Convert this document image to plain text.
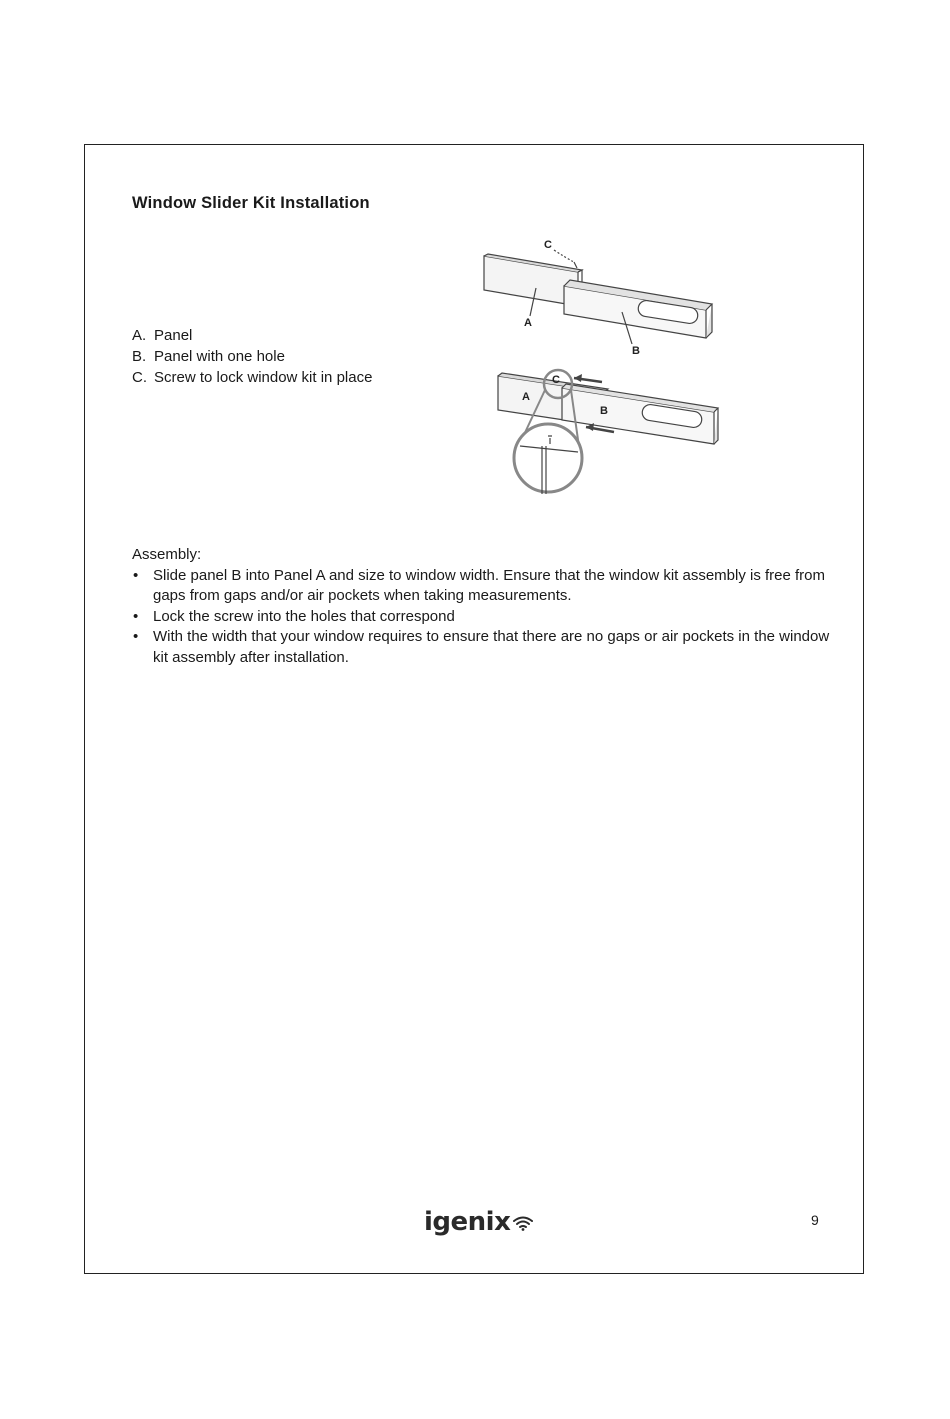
Window Slider Kit Installation
A. Panel
B. Panel with one hole
C. Screw to lock window kit in place
C
A
B
C
A
B
Assembly:
• Slide panel B into Panel A and size to window width. Ensure that the window kit assembly is free from gaps from gaps and/or air pockets when taking measurements.
• Lock the screw into the holes that correspond
• With the width that your window requires to ensure that there are no gaps or air pockets in the window kit assembly after installation.
igenix	9
